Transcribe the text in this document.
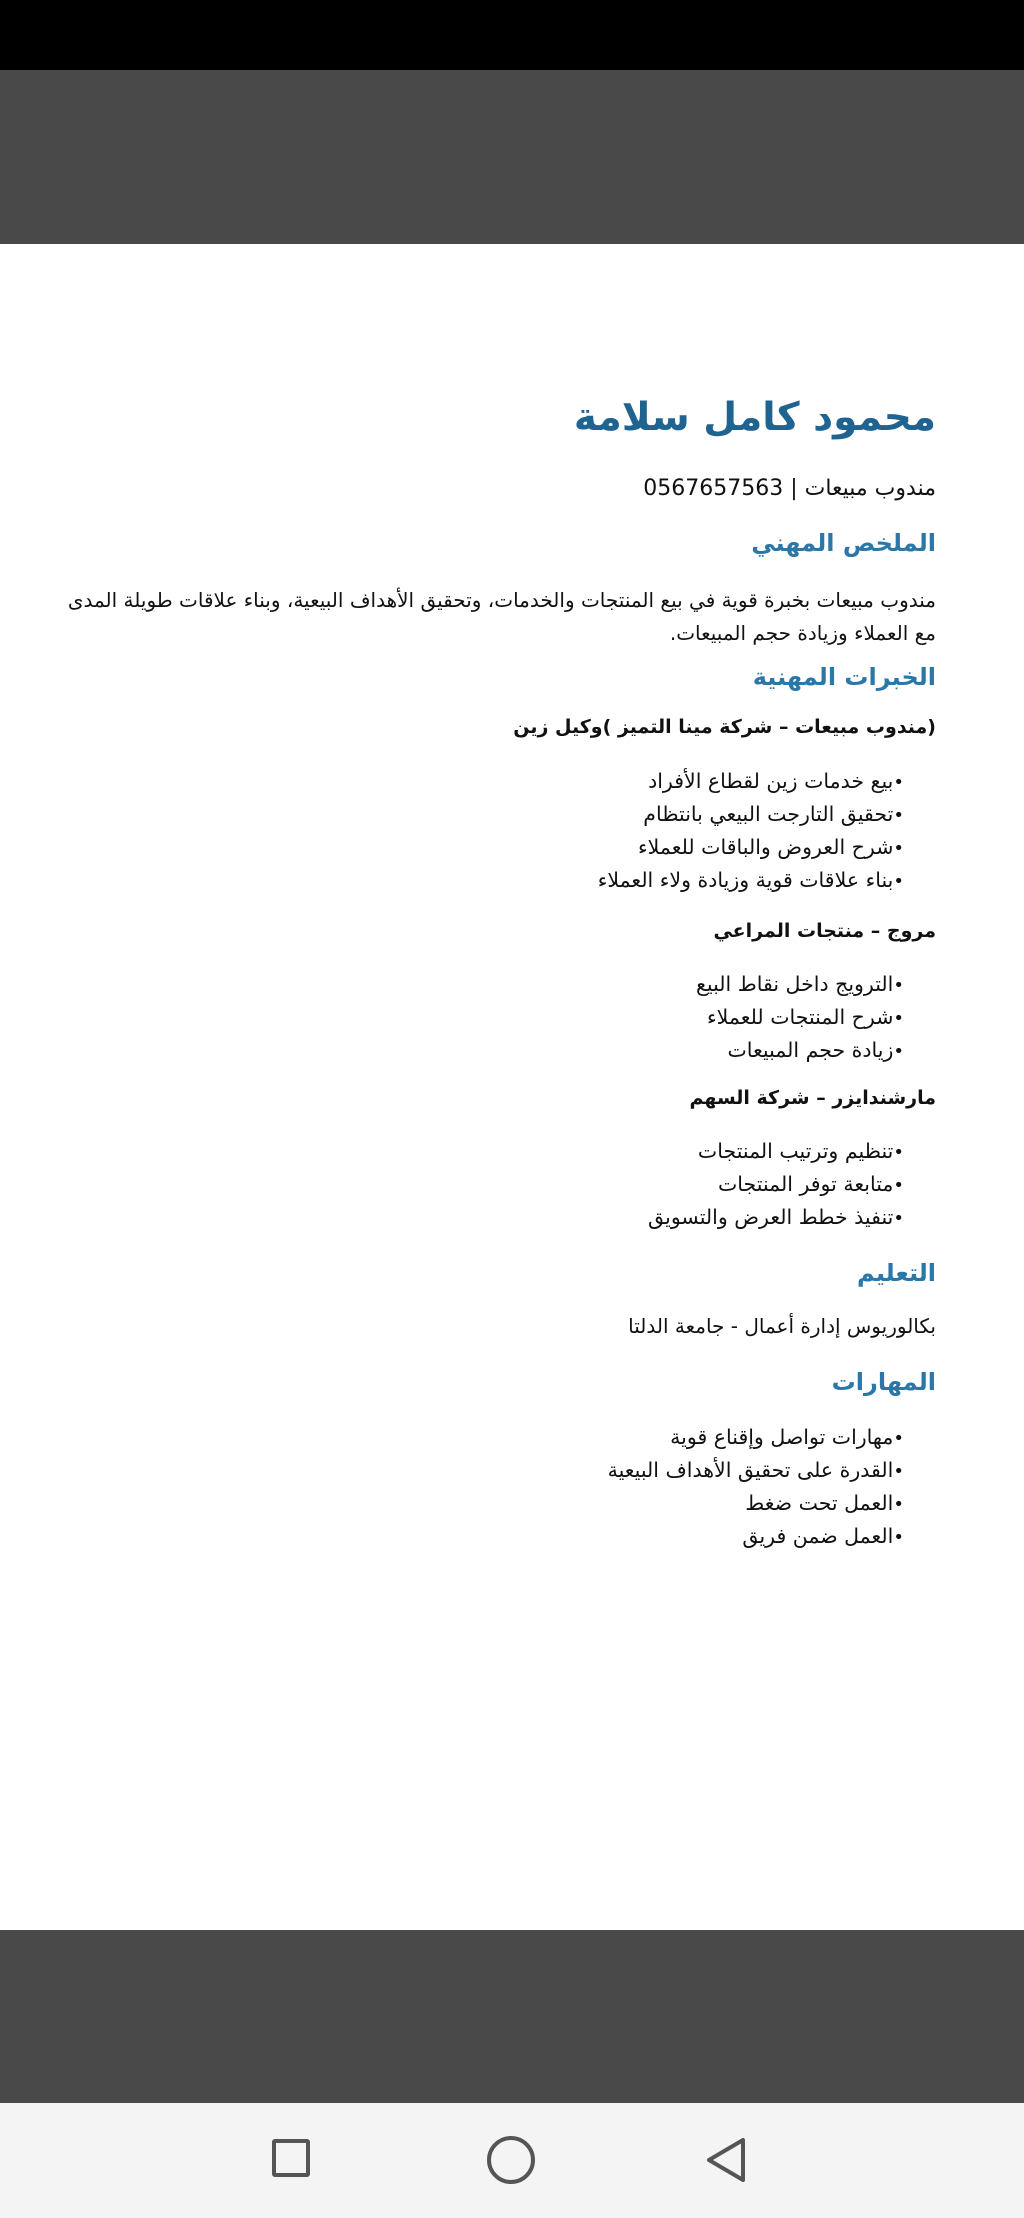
محمود كامل سلامة
مندوب مبيعات | 0567657563
الملخص المهني
مندوب مبيعات بخبرة قوية في بيع المنتجات والخدمات، وتحقيق الأهداف البيعية، وبناء علاقات طويلة المدى مع العملاء وزيادة حجم المبيعات.
الخبرات المهنية
(مندوب مبيعات – شركة مينا التميز )وكيل زين
•بيع خدمات زين لقطاع الأفراد
•تحقيق التارجت البيعي بانتظام
•شرح العروض والباقات للعملاء
•بناء علاقات قوية وزيادة ولاء العملاء
مروج – منتجات المراعي
•الترويج داخل نقاط البيع
•شرح المنتجات للعملاء
•زيادة حجم المبيعات
مارشندايزر – شركة السهم
•تنظيم وترتيب المنتجات
•متابعة توفر المنتجات
•تنفيذ خطط العرض والتسويق
التعليم
بكالوريوس إدارة أعمال - جامعة الدلتا
المهارات
•مهارات تواصل وإقناع قوية
•القدرة على تحقيق الأهداف البيعية
•العمل تحت ضغط
•العمل ضمن فريق
